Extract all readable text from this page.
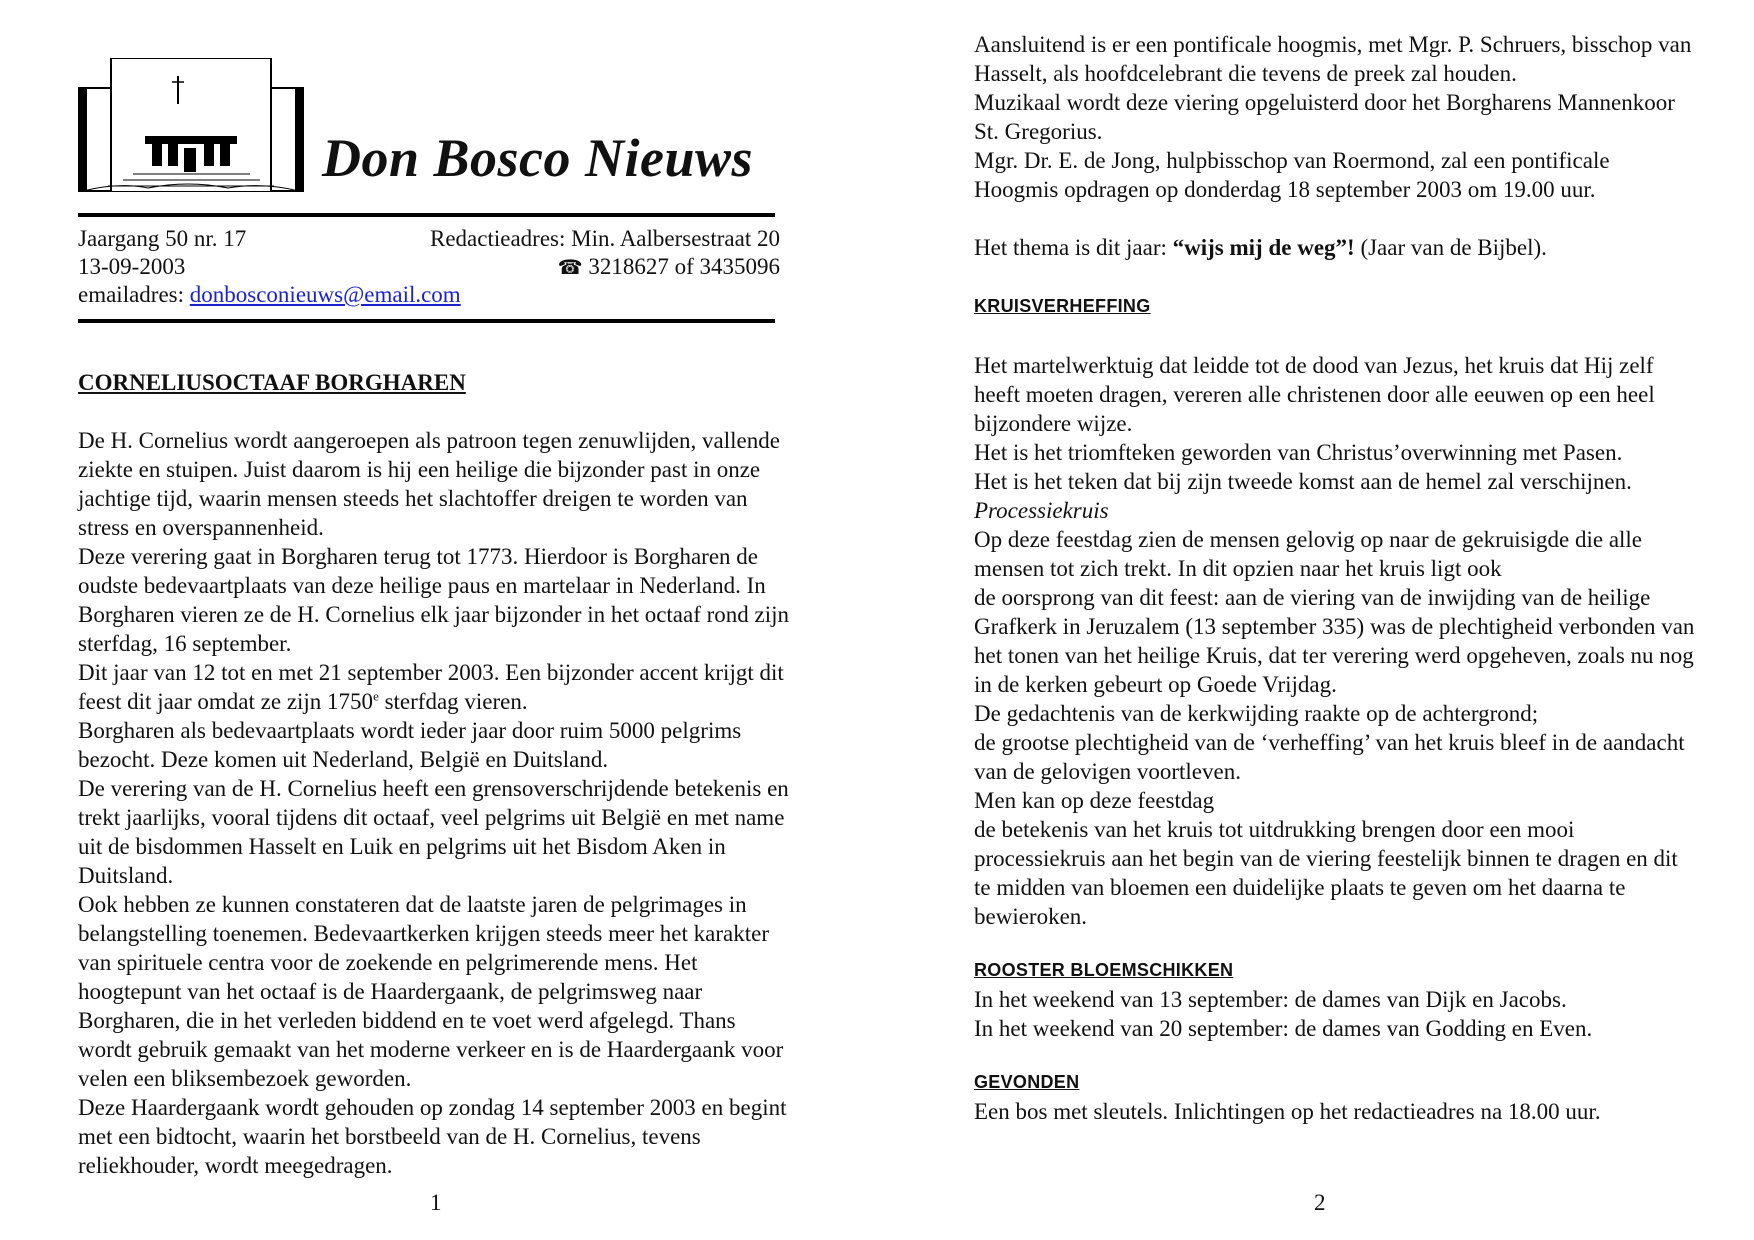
Don Bosco Nieuws
Jaargang 50 nr. 17	Redactieadres: Min. Aalbersestraat 20
13-09-2003	☎ 3218627 of 3435096
emailadres: donbosconieuws@email.com

CORNELIUSOCTAAF BORGHAREN

De H. Cornelius wordt aangeroepen als patroon tegen zenuwlijden, vallende ziekte en stuipen. Juist daarom is hij een heilige die bijzonder past in onze jachtige tijd, waarin mensen steeds het slachtoffer dreigen te worden van stress en overspannenheid.

Deze verering gaat in Borgharen terug tot 1773. Hierdoor is Borgharen de oudste bedevaartplaats van deze heilige paus en martelaar in Nederland. In Borgharen vieren ze de H. Cornelius elk jaar bijzonder in het octaaf rond zijn sterfdag, 16 september.

Dit jaar van 12 tot en met 21 september 2003. Een bijzonder accent krijgt dit feest dit jaar omdat ze zijn 1750e sterfdag vieren.

Borgharen als bedevaartplaats wordt ieder jaar door ruim 5000 pelgrims bezocht. Deze komen uit Nederland, België en Duitsland.

De verering van de H. Cornelius heeft een grensoverschrijdende betekenis en trekt jaarlijks, vooral tijdens dit octaaf, veel pelgrims uit België en met name uit de bisdommen Hasselt en Luik en pelgrims uit het Bisdom Aken in Duitsland.

Ook hebben ze kunnen constateren dat de laatste jaren de pelgrimages in belangstelling toenemen. Bedevaartkerken krijgen steeds meer het karakter van spirituele centra voor de zoekende en pelgrimerende mens. Het hoogtepunt van het octaaf is de Haardergaank, de pelgrimsweg naar Borgharen, die in het verleden biddend en te voet werd afgelegd. Thans wordt gebruik gemaakt van het moderne verkeer en is de Haardergaank voor velen een bliksembezoek geworden.

Deze Haardergaank wordt gehouden op zondag 14 september 2003 en begint met een bidtocht, waarin het borstbeeld van de H. Cornelius, tevens reliekhouder, wordt meegedragen.

1

Aansluitend is er een pontificale hoogmis, met Mgr. P. Schruers, bisschop van Hasselt, als hoofdcelebrant die tevens de preek zal houden.

Muzikaal wordt deze viering opgeluisterd door het Borgharens Mannenkoor St. Gregorius.

Mgr. Dr. E. de Jong, hulpbisschop van Roermond, zal een pontificale Hoogmis opdragen op donderdag 18 september 2003 om 19.00 uur.

Het thema is dit jaar: “wijs mij de weg”! (Jaar van de Bijbel).

KRUISVERHEFFING

Het martelwerktuig dat leidde tot de dood van Jezus, het kruis dat Hij zelf heeft moeten dragen, vereren alle christenen door alle eeuwen op een heel bijzondere wijze.

Het is het triomfteken geworden van Christus’overwinning met Pasen.

Het is het teken dat bij zijn tweede komst aan de hemel zal verschijnen.

Processiekruis

Op deze feestdag zien de mensen gelovig op naar de gekruisigde die alle mensen tot zich trekt. In dit opzien naar het kruis ligt ook

de oorsprong van dit feest: aan de viering van de inwijding van de heilige Grafkerk in Jeruzalem (13 september 335) was de plechtigheid verbonden van het tonen van het heilige Kruis, dat ter verering werd opgeheven, zoals nu nog in de kerken gebeurt op Goede Vrijdag.

De gedachtenis van de kerkwijding raakte op de achtergrond;

de grootse plechtigheid van de ‘verheffing’ van het kruis bleef in de aandacht van de gelovigen voortleven.

Men kan op deze feestdag

de betekenis van het kruis tot uitdrukking brengen door een mooi processiekruis aan het begin van de viering feestelijk binnen te dragen en dit te midden van bloemen een duidelijke plaats te geven om het daarna te bewieroken.

ROOSTER BLOEMSCHIKKEN

In het weekend van 13 september: de dames van Dijk en Jacobs.

In het weekend van 20 september: de dames van Godding en Even.

GEVONDEN

Een bos met sleutels. Inlichtingen op het redactieadres na 18.00 uur.

2
